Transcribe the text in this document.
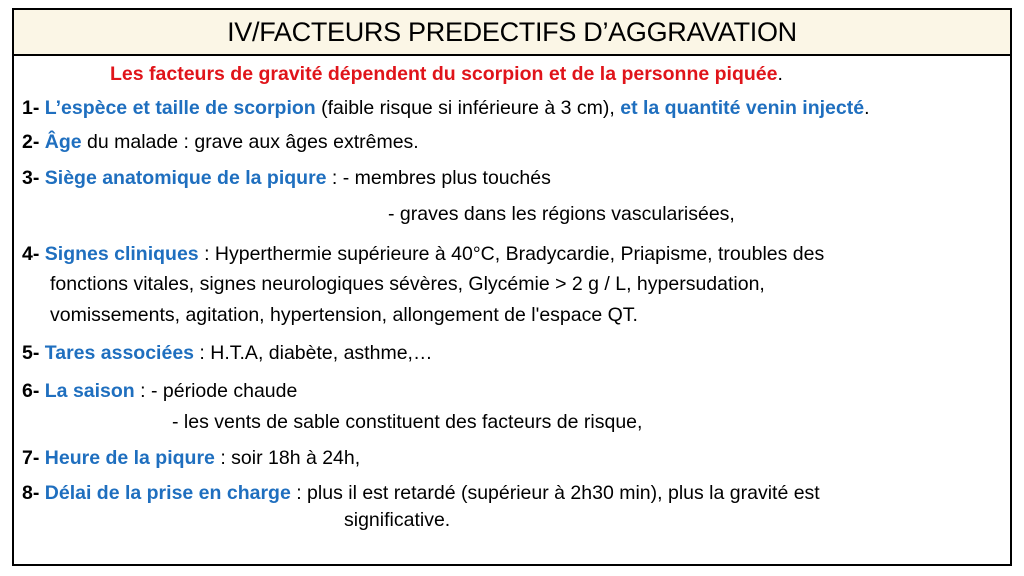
IV/FACTEURS PREDECTIFS D’AGGRAVATION
Les facteurs de gravité dépendent du scorpion et de la personne piquée.
1- L’espèce et taille de scorpion (faible risque si inférieure à 3 cm), et la quantité venin injecté.
2- Âge du malade : grave aux âges extrêmes.
3- Siège anatomique de la piqure : - membres plus touchés
- graves dans les régions vascularisées,
4- Signes cliniques : Hyperthermie supérieure à 40°C, Bradycardie, Priapisme, troubles des
fonctions vitales, signes neurologiques sévères, Glycémie > 2 g / L, hypersudation,
vomissements, agitation, hypertension, allongement de l'espace QT.
5- Tares associées : H.T.A, diabète, asthme,…
6- La saison : - période chaude
- les vents de sable constituent des facteurs de risque,
7- Heure de la piqure : soir 18h à 24h,
8- Délai de la prise en charge : plus il est retardé (supérieur à 2h30 min), plus la gravité est
significative.
